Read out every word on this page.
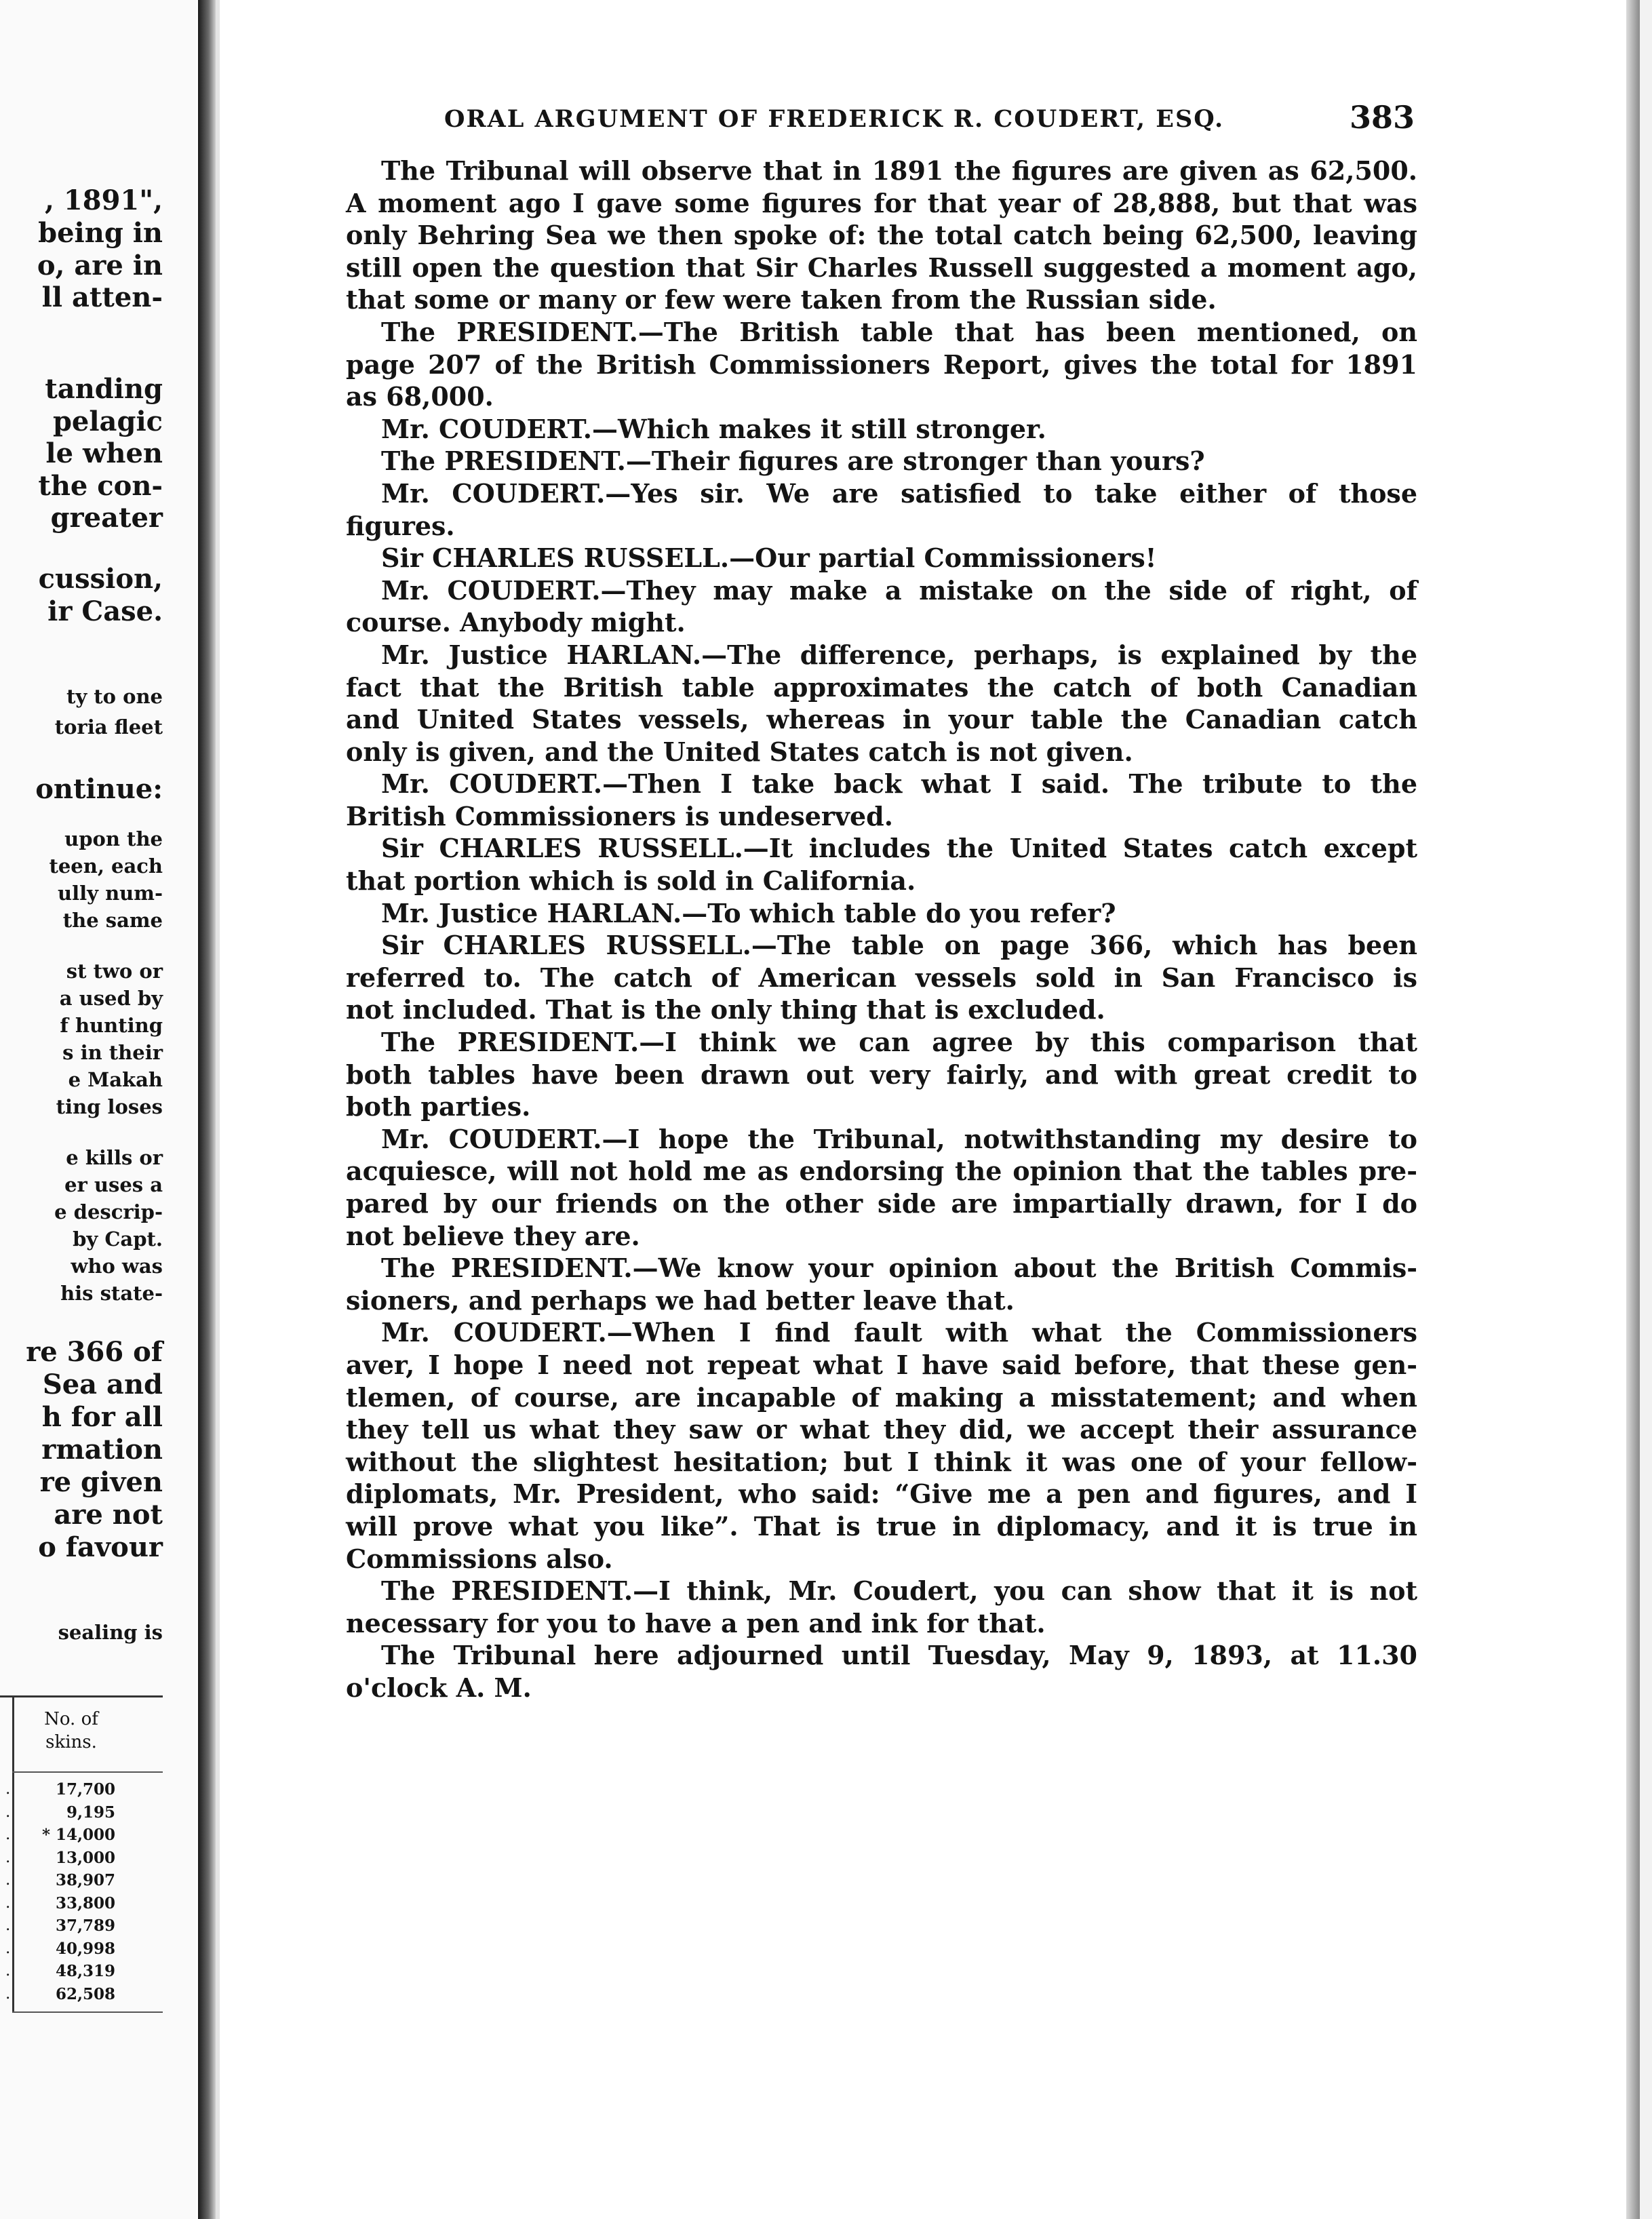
, 1891",
being in
o, are in
ll atten-
tanding
pelagic
le when
the con-
greater
cussion,
ir Case.
ty to one
toria fleet
ontinue:
upon the
teen, each
ully num-
the same
st two or
a used by
f hunting
s in their
e Makah
ting loses
e kills or
er uses a
e descrip-
by Capt.
who was
his state-
re 366 of
Sea and
h for all
rmation
re given
are not
o favour
sealing is
No. of
skins.
17,700
.
9,195
.
* 14,000
.
13,000
.
38,907
.
33,800
.
37,789
.
40,998
.
48,319
.
62,508
.
ORAL ARGUMENT OF FREDERICK R. COUDERT, ESQ.	383
The Tribunal will observe that in 1891 the figures are given as 62,500.
A moment ago I gave some figures for that year of 28,888, but that was
only Behring Sea we then spoke of: the total catch being 62,500, leaving
still open the question that Sir Charles Russell suggested a moment ago,
that some or many or few were taken from the Russian side.
The PRESIDENT.—The British table that has been mentioned, on
page 207 of the British Commissioners Report, gives the total for 1891
as 68,000.
Mr. COUDERT.—Which makes it still stronger.
The PRESIDENT.—Their figures are stronger than yours?
Mr. COUDERT.—Yes sir. We are satisfied to take either of those
figures.
Sir CHARLES RUSSELL.—Our partial Commissioners!
Mr. COUDERT.—They may make a mistake on the side of right, of
course. Anybody might.
Mr. Justice HARLAN.—The difference, perhaps, is explained by the
fact that the British table approximates the catch of both Canadian
and United States vessels, whereas in your table the Canadian catch
only is given, and the United States catch is not given.
Mr. COUDERT.—Then I take back what I said. The tribute to the
British Commissioners is undeserved.
Sir CHARLES RUSSELL.—It includes the United States catch except
that portion which is sold in California.
Mr. Justice HARLAN.—To which table do you refer?
Sir CHARLES RUSSELL.—The table on page 366, which has been
referred to. The catch of American vessels sold in San Francisco is
not included. That is the only thing that is excluded.
The PRESIDENT.—I think we can agree by this comparison that
both tables have been drawn out very fairly, and with great credit to
both parties.
Mr. COUDERT.—I hope the Tribunal, notwithstanding my desire to
acquiesce, will not hold me as endorsing the opinion that the tables pre-
pared by our friends on the other side are impartially drawn, for I do
not believe they are.
The PRESIDENT.—We know your opinion about the British Commis-
sioners, and perhaps we had better leave that.
Mr. COUDERT.—When I find fault with what the Commissioners
aver, I hope I need not repeat what I have said before, that these gen-
tlemen, of course, are incapable of making a misstatement; and when
they tell us what they saw or what they did, we accept their assurance
without the slightest hesitation; but I think it was one of your fellow-
diplomats, Mr. President, who said: “Give me a pen and figures, and I
will prove what you like”. That is true in diplomacy, and it is true in
Commissions also.
The PRESIDENT.—I think, Mr. Coudert, you can show that it is not
necessary for you to have a pen and ink for that.
The Tribunal here adjourned until Tuesday, May 9, 1893, at 11.30
o'clock A. M.
